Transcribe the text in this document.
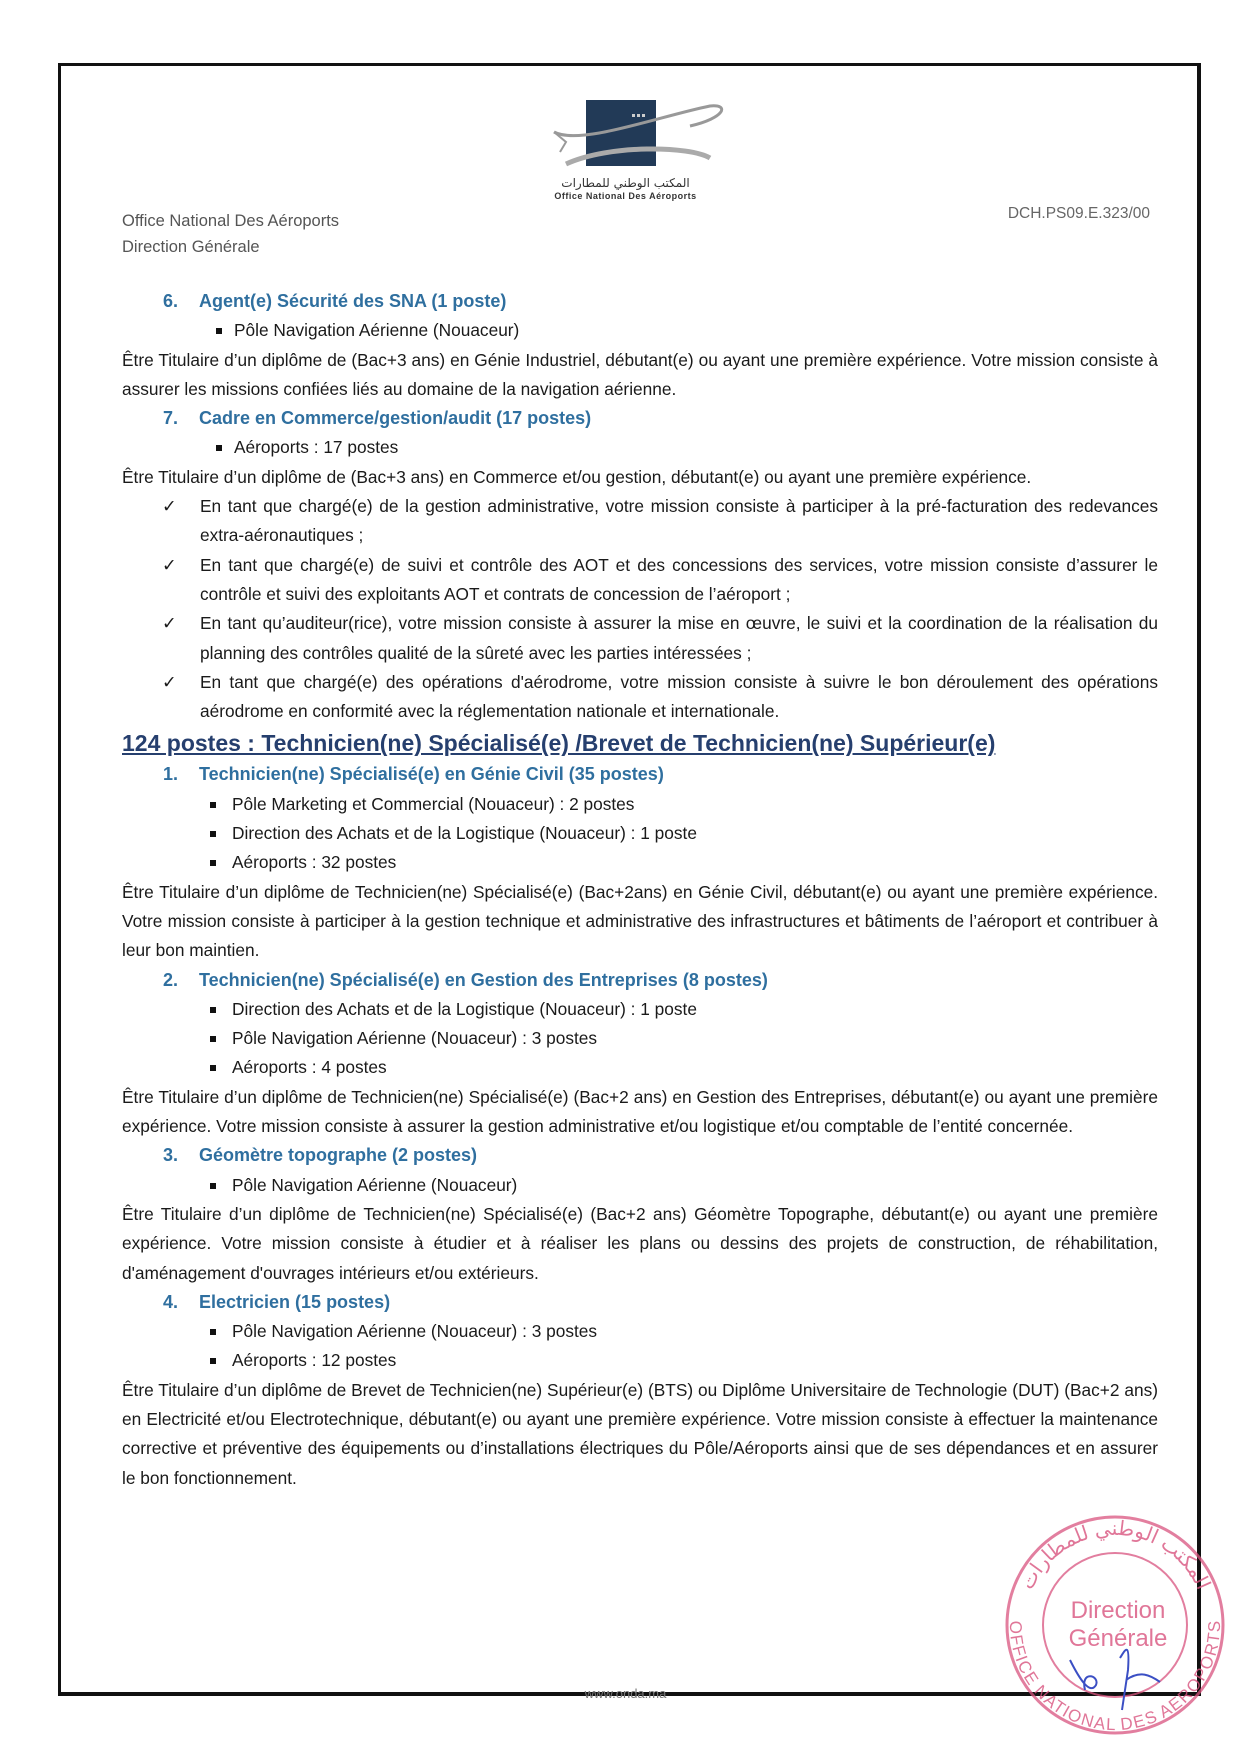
المكتب الوطني للمطارات
Office National Des Aéroports
Office National Des Aéroports
Direction Générale
DCH.PS09.E.323/00
6. Agent(e) Sécurité des SNA (1 poste)
Pôle Navigation Aérienne (Nouaceur)
Être Titulaire d’un diplôme de (Bac+3 ans) en Génie Industriel, débutant(e) ou ayant une première expérience. Votre mission consiste à assurer les missions confiées liés au domaine de la navigation aérienne.
7. Cadre en Commerce/gestion/audit (17 postes)
Aéroports : 17 postes
Être Titulaire d’un diplôme de (Bac+3 ans) en Commerce et/ou gestion, débutant(e) ou ayant une première expérience.
✓ En tant que chargé(e) de la gestion administrative, votre mission consiste à participer à la pré-facturation des redevances extra-aéronautiques ;
✓ En tant que chargé(e) de suivi et contrôle des AOT et des concessions des services, votre mission consiste d’assurer le contrôle et suivi des exploitants AOT et contrats de concession de l’aéroport ;
✓ En tant qu’auditeur(rice), votre mission consiste à assurer la mise en œuvre, le suivi et la coordination de la réalisation du planning des contrôles qualité de la sûreté avec les parties intéressées ;
✓ En tant que chargé(e) des opérations d'aérodrome, votre mission consiste à suivre le bon déroulement des opérations aérodrome en conformité avec la réglementation nationale et internationale.
124 postes : Technicien(ne) Spécialisé(e) /Brevet de Technicien(ne) Supérieur(e)
1. Technicien(ne) Spécialisé(e) en Génie Civil (35 postes)
Pôle Marketing et Commercial (Nouaceur) : 2 postes
Direction des Achats et de la Logistique (Nouaceur) : 1 poste
Aéroports : 32 postes
Être Titulaire d’un diplôme de Technicien(ne) Spécialisé(e) (Bac+2ans) en Génie Civil, débutant(e) ou ayant une première expérience. Votre mission consiste à participer à la gestion technique et administrative des infrastructures et bâtiments de l’aéroport et contribuer à leur bon maintien.
2. Technicien(ne) Spécialisé(e) en Gestion des Entreprises (8 postes)
Direction des Achats et de la Logistique (Nouaceur) : 1 poste
Pôle Navigation Aérienne (Nouaceur) : 3 postes
Aéroports : 4 postes
Être Titulaire d’un diplôme de Technicien(ne) Spécialisé(e) (Bac+2 ans) en Gestion des Entreprises, débutant(e) ou ayant une première expérience. Votre mission consiste à assurer la gestion administrative et/ou logistique et/ou comptable de l’entité concernée.
3. Géomètre topographe (2 postes)
Pôle Navigation Aérienne (Nouaceur)
Être Titulaire d’un diplôme de Technicien(ne) Spécialisé(e) (Bac+2 ans) Géomètre Topographe, débutant(e) ou ayant une première expérience. Votre mission consiste à étudier et à réaliser les plans ou dessins des projets de construction, de réhabilitation, d'aménagement d'ouvrages intérieurs et/ou extérieurs.
4. Electricien (15 postes)
Pôle Navigation Aérienne (Nouaceur) : 3 postes
Aéroports : 12 postes
Être Titulaire d’un diplôme de Brevet de Technicien(ne) Supérieur(e) (BTS) ou Diplôme Universitaire de Technologie (DUT) (Bac+2 ans) en Electricité et/ou Electrotechnique, débutant(e) ou ayant une première expérience. Votre mission consiste à effectuer la maintenance corrective et préventive des équipements ou d’installations électriques du Pôle/Aéroports ainsi que de ses dépendances et en assurer le bon fonctionnement.
www.onda.ma
المكتب الوطني للمطارات
OFFICE NATIONAL DES AEROPORTS
Direction
Générale
